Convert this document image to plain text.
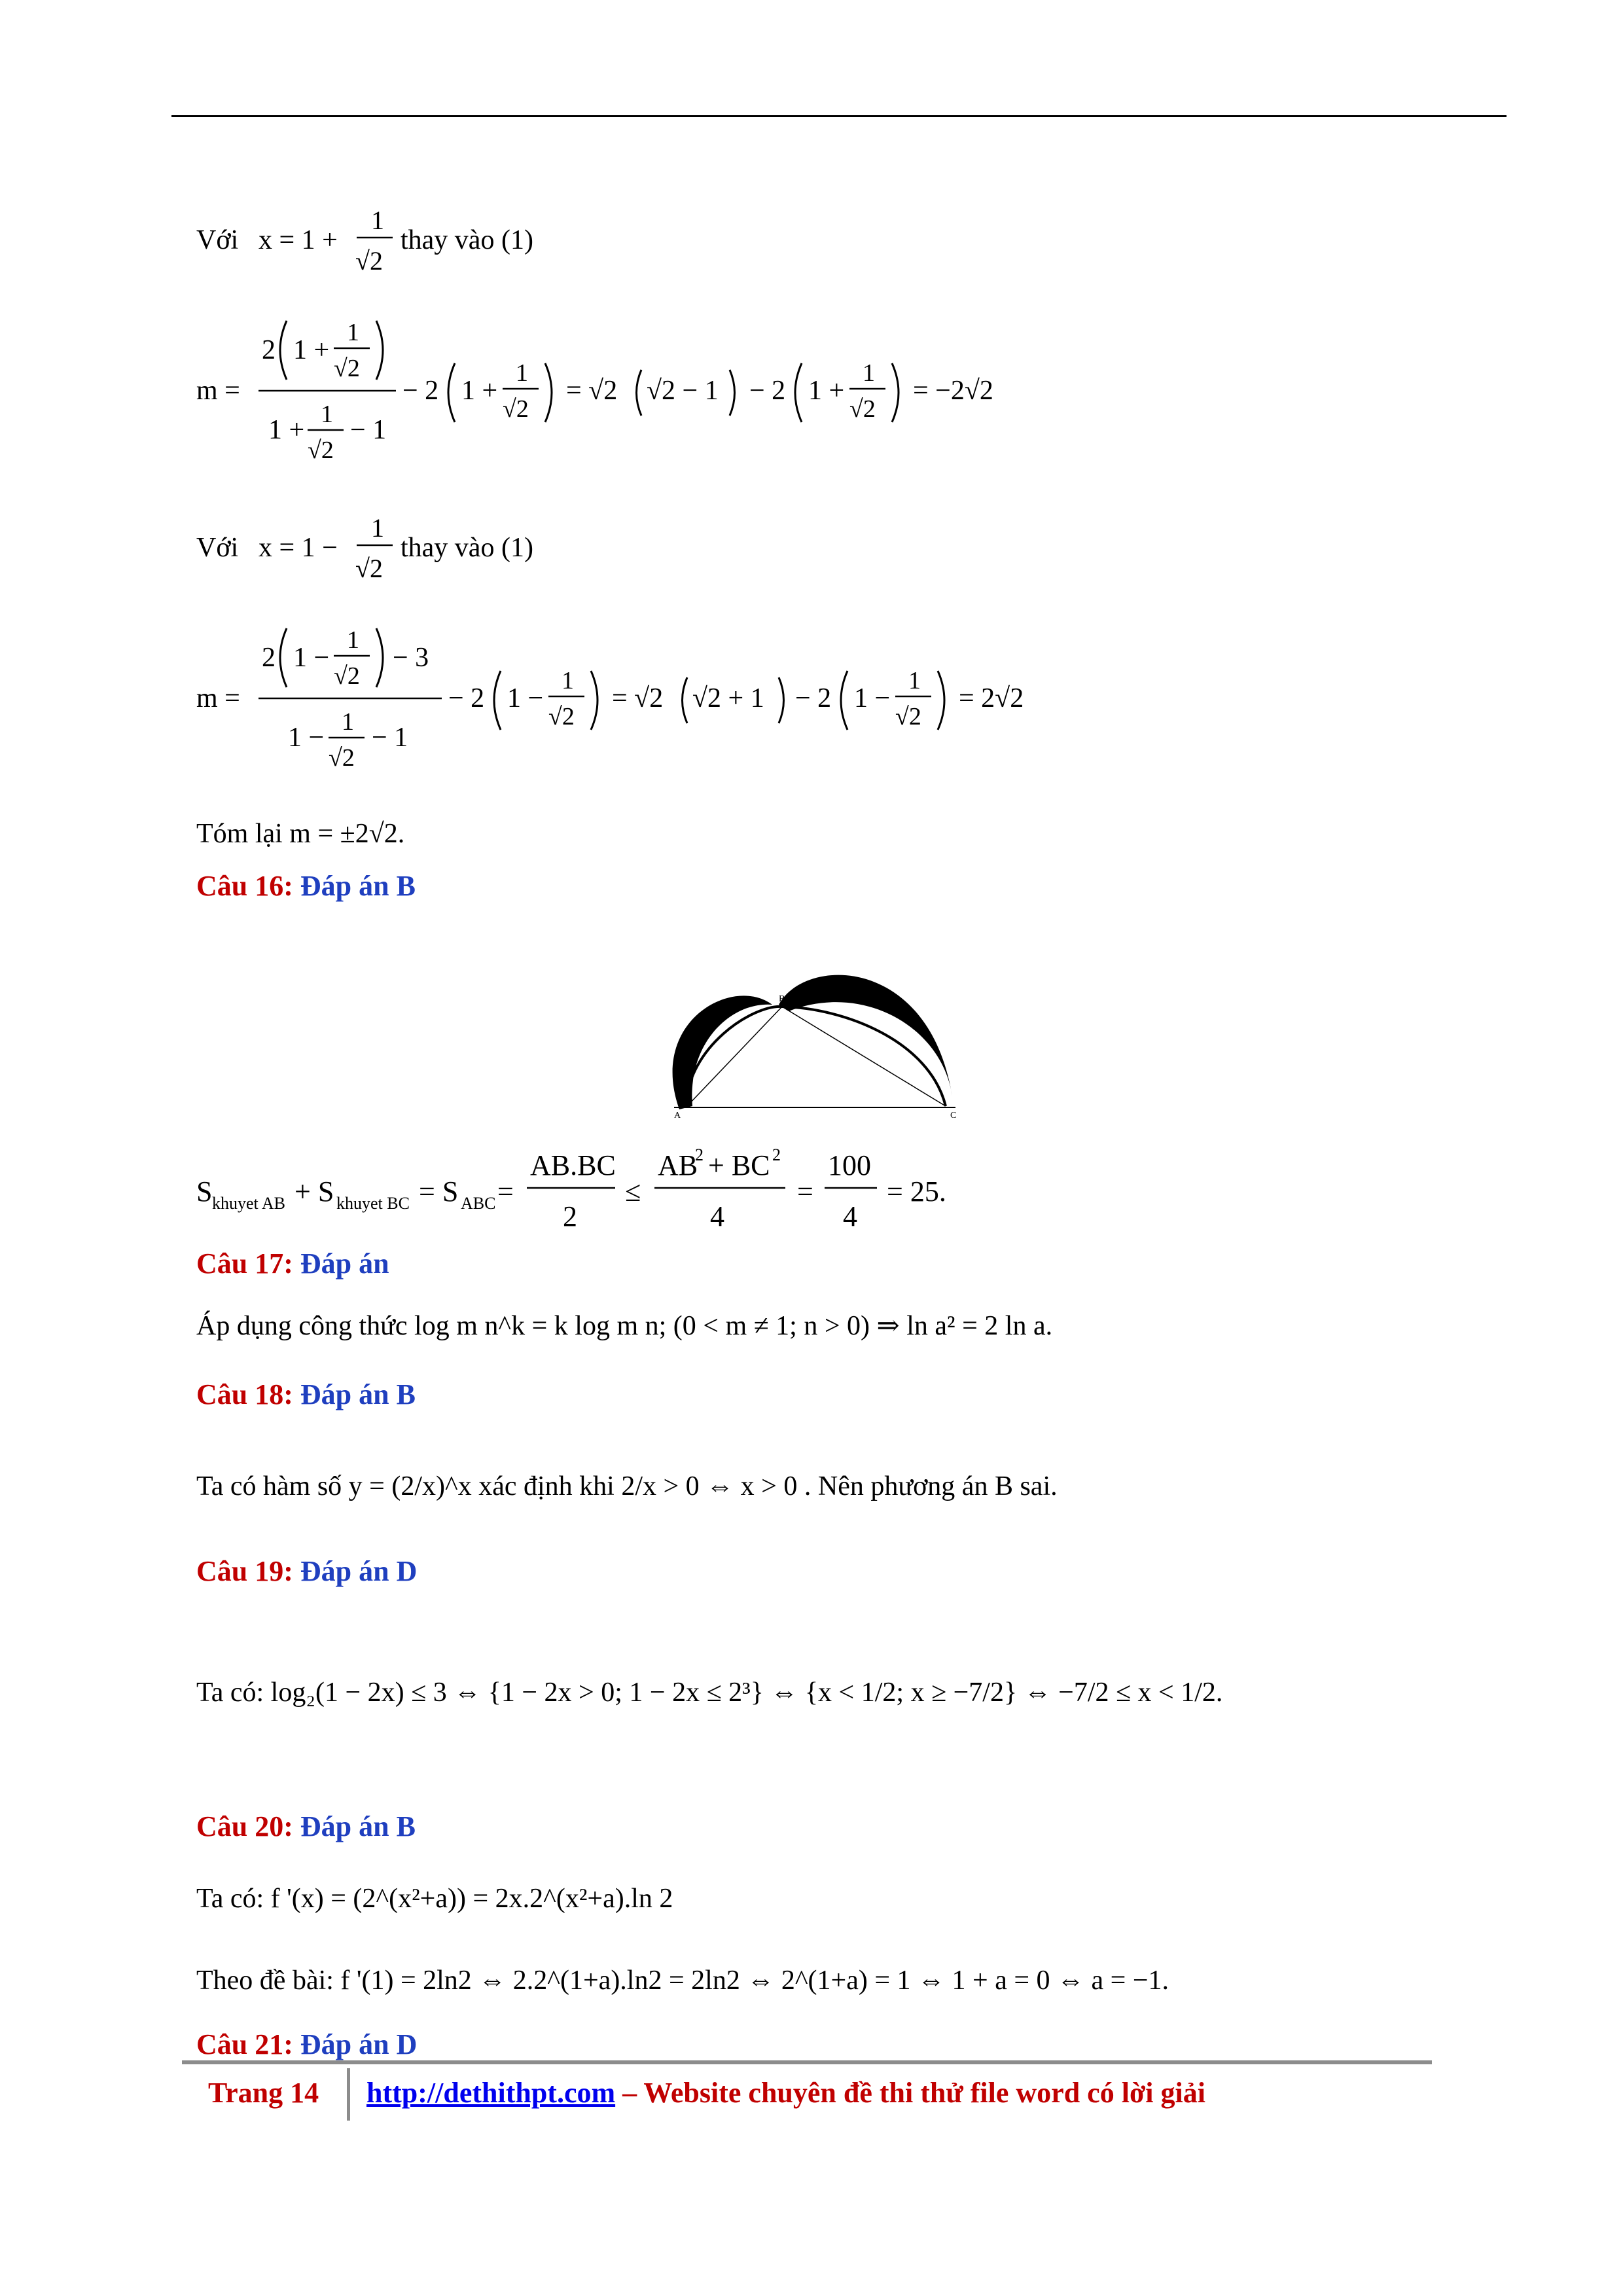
Với x = 1 +
1
√2
thay vào (1)
m =
2 1 +
1
√2
1 +
1
√2
− 1
− 2 1 +
1
√2
= √2 √2 − 1 − 2 1 +
1
√2
= −2√2
Với x = 1 −
1
√2
thay vào (1)
m =
2 1 −
1
√2
− 3
1 −
1
√2
− 1
− 2 1 −
1
√2
= √2 √2 + 1 − 2 1 −
1
√2
= 2√2
Tóm lại m = ±2√2.
Câu 16: Đáp án B
A
B
C
S khuyet AB + S khuyet BC = S ABC =
AB.BC
2
≤
AB
2 + BC 2
4
=
100
4
= 25.
Câu 17: Đáp án
Áp dụng công thức log m n^k = k log m n; (0 < m ≠ 1; n > 0) ⇒ ln a² = 2 ln a.
Câu 18: Đáp án B
Ta có hàm số y = (2/x)^x xác định khi 2/x > 0 ⇔ x > 0 . Nên phương án B sai.
Câu 19: Đáp án D
Ta có: log₂(1 − 2x) ≤ 3 ⇔ {1 − 2x > 0; 1 − 2x ≤ 2³} ⇔ {x < 1/2; x ≥ −7/2} ⇔ −7/2 ≤ x < 1/2.
Câu 20: Đáp án B
Ta có: f '(x) = (2^(x²+a)) = 2x.2^(x²+a).ln 2
Theo đề bài: f '(1) = 2ln2 ⇔ 2.2^(1+a).ln2 = 2ln2 ⇔ 2^(1+a) = 1 ⇔ 1 + a = 0 ⇔ a = −1.
Câu 21: Đáp án D
Trang 14 http://dethithpt.com – Website chuyên đề thi thử file word có lời giải
